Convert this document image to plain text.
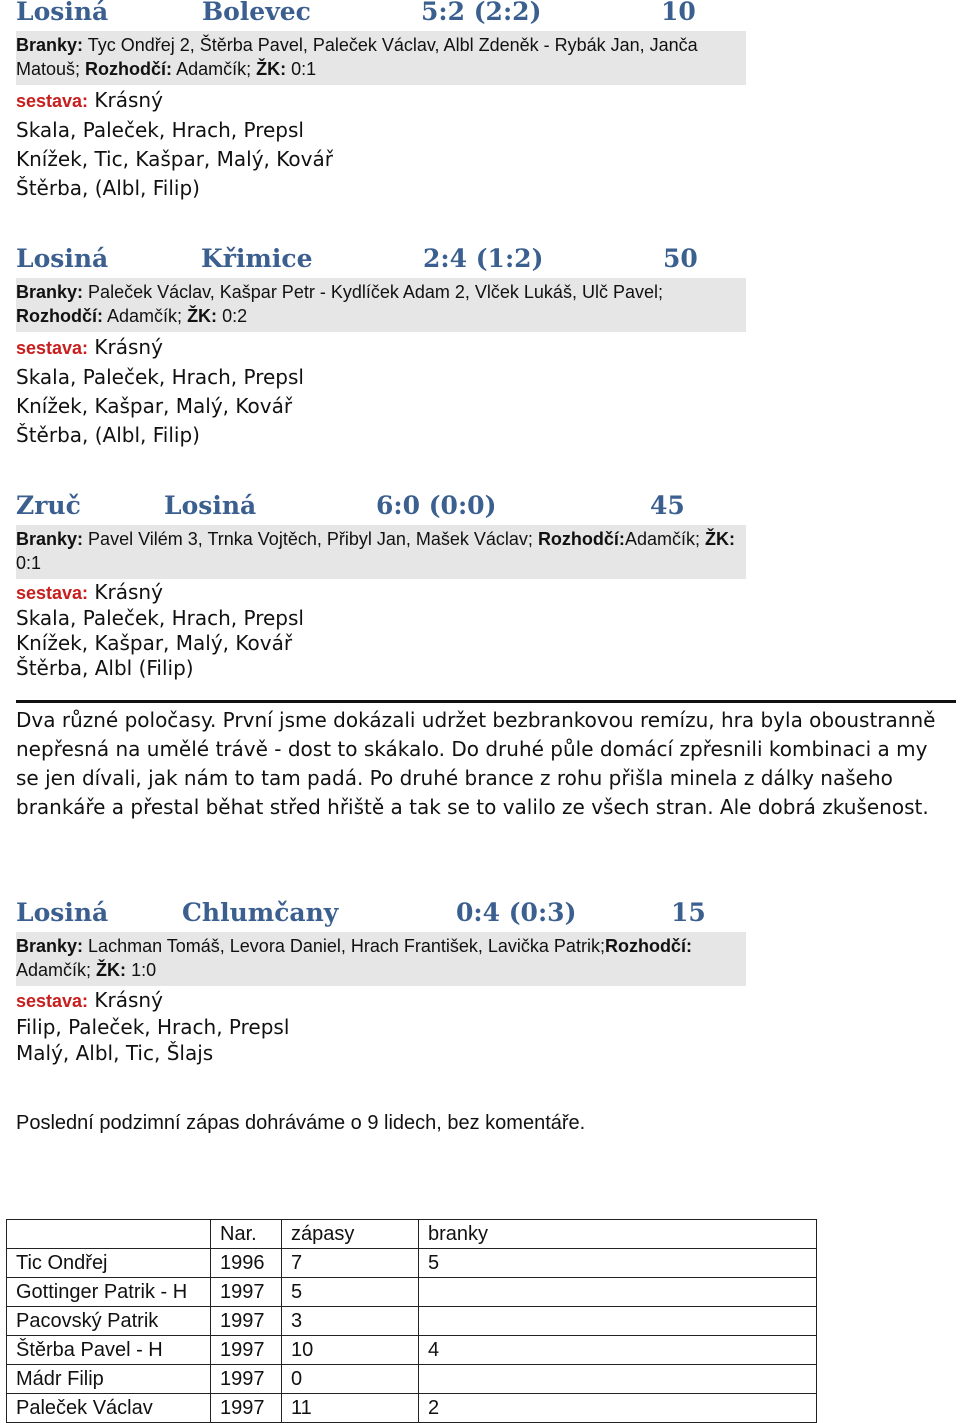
Losiná	Bolevec	5:2 (2:2)	10
Branky: Tyc Ondřej 2, Štěrba Pavel, Paleček Václav, Albl Zdeněk - Rybák Jan, Janča Matouš; Rozhodčí: Adamčík; ŽK: 0:1
sestava: Krásný
Skala, Paleček, Hrach, Prepsl
Knížek, Tic, Kašpar, Malý, Kovář
Štěrba, (Albl, Filip)
Losiná	Křimice	2:4 (1:2)	50
Branky: Paleček Václav, Kašpar Petr - Kydlíček Adam 2, Vlček Lukáš, Ulč Pavel; Rozhodčí: Adamčík; ŽK: 0:2
sestava: Krásný
Skala, Paleček, Hrach, Prepsl
Knížek, Kašpar, Malý, Kovář
Štěrba, (Albl, Filip)
Zruč	Losiná	6:0 (0:0)	45
Branky: Pavel Vilém 3, Trnka Vojtěch, Přibyl Jan, Mašek Václav; Rozhodčí:Adamčík; ŽK: 0:1
sestava: Krásný
Skala, Paleček, Hrach, Prepsl
Knížek, Kašpar, Malý, Kovář
Štěrba, Albl (Filip)
Dva různé poločasy. První jsme dokázali udržet bezbrankovou remízu, hra byla oboustranně nepřesná na umělé trávě - dost to skákalo. Do druhé půle domácí zpřesnili kombinaci a my se jen dívali, jak nám to tam padá. Po druhé brance z rohu přišla minela z dálky našeho brankáře a přestal běhat střed hřiště a tak se to valilo ze všech stran. Ale dobrá zkušenost.
Losiná	Chlumčany	0:4 (0:3)	15
Branky: Lachman Tomáš, Levora Daniel, Hrach František, Lavička Patrik;Rozhodčí: Adamčík; ŽK: 1:0
sestava: Krásný
Filip, Paleček, Hrach, Prepsl
Malý, Albl, Tic, Šlajs
Poslední podzimní zápas dohráváme o 9 lidech, bez komentáře.
	Nar.	zápasy	branky
Tic Ondřej	1996	7	5
Gottinger Patrik - H	1997	5	
Pacovský Patrik	1997	3	
Štěrba Pavel - H	1997	10	4
Mádr Filip	1997	0	
Paleček Václav	1997	11	2
